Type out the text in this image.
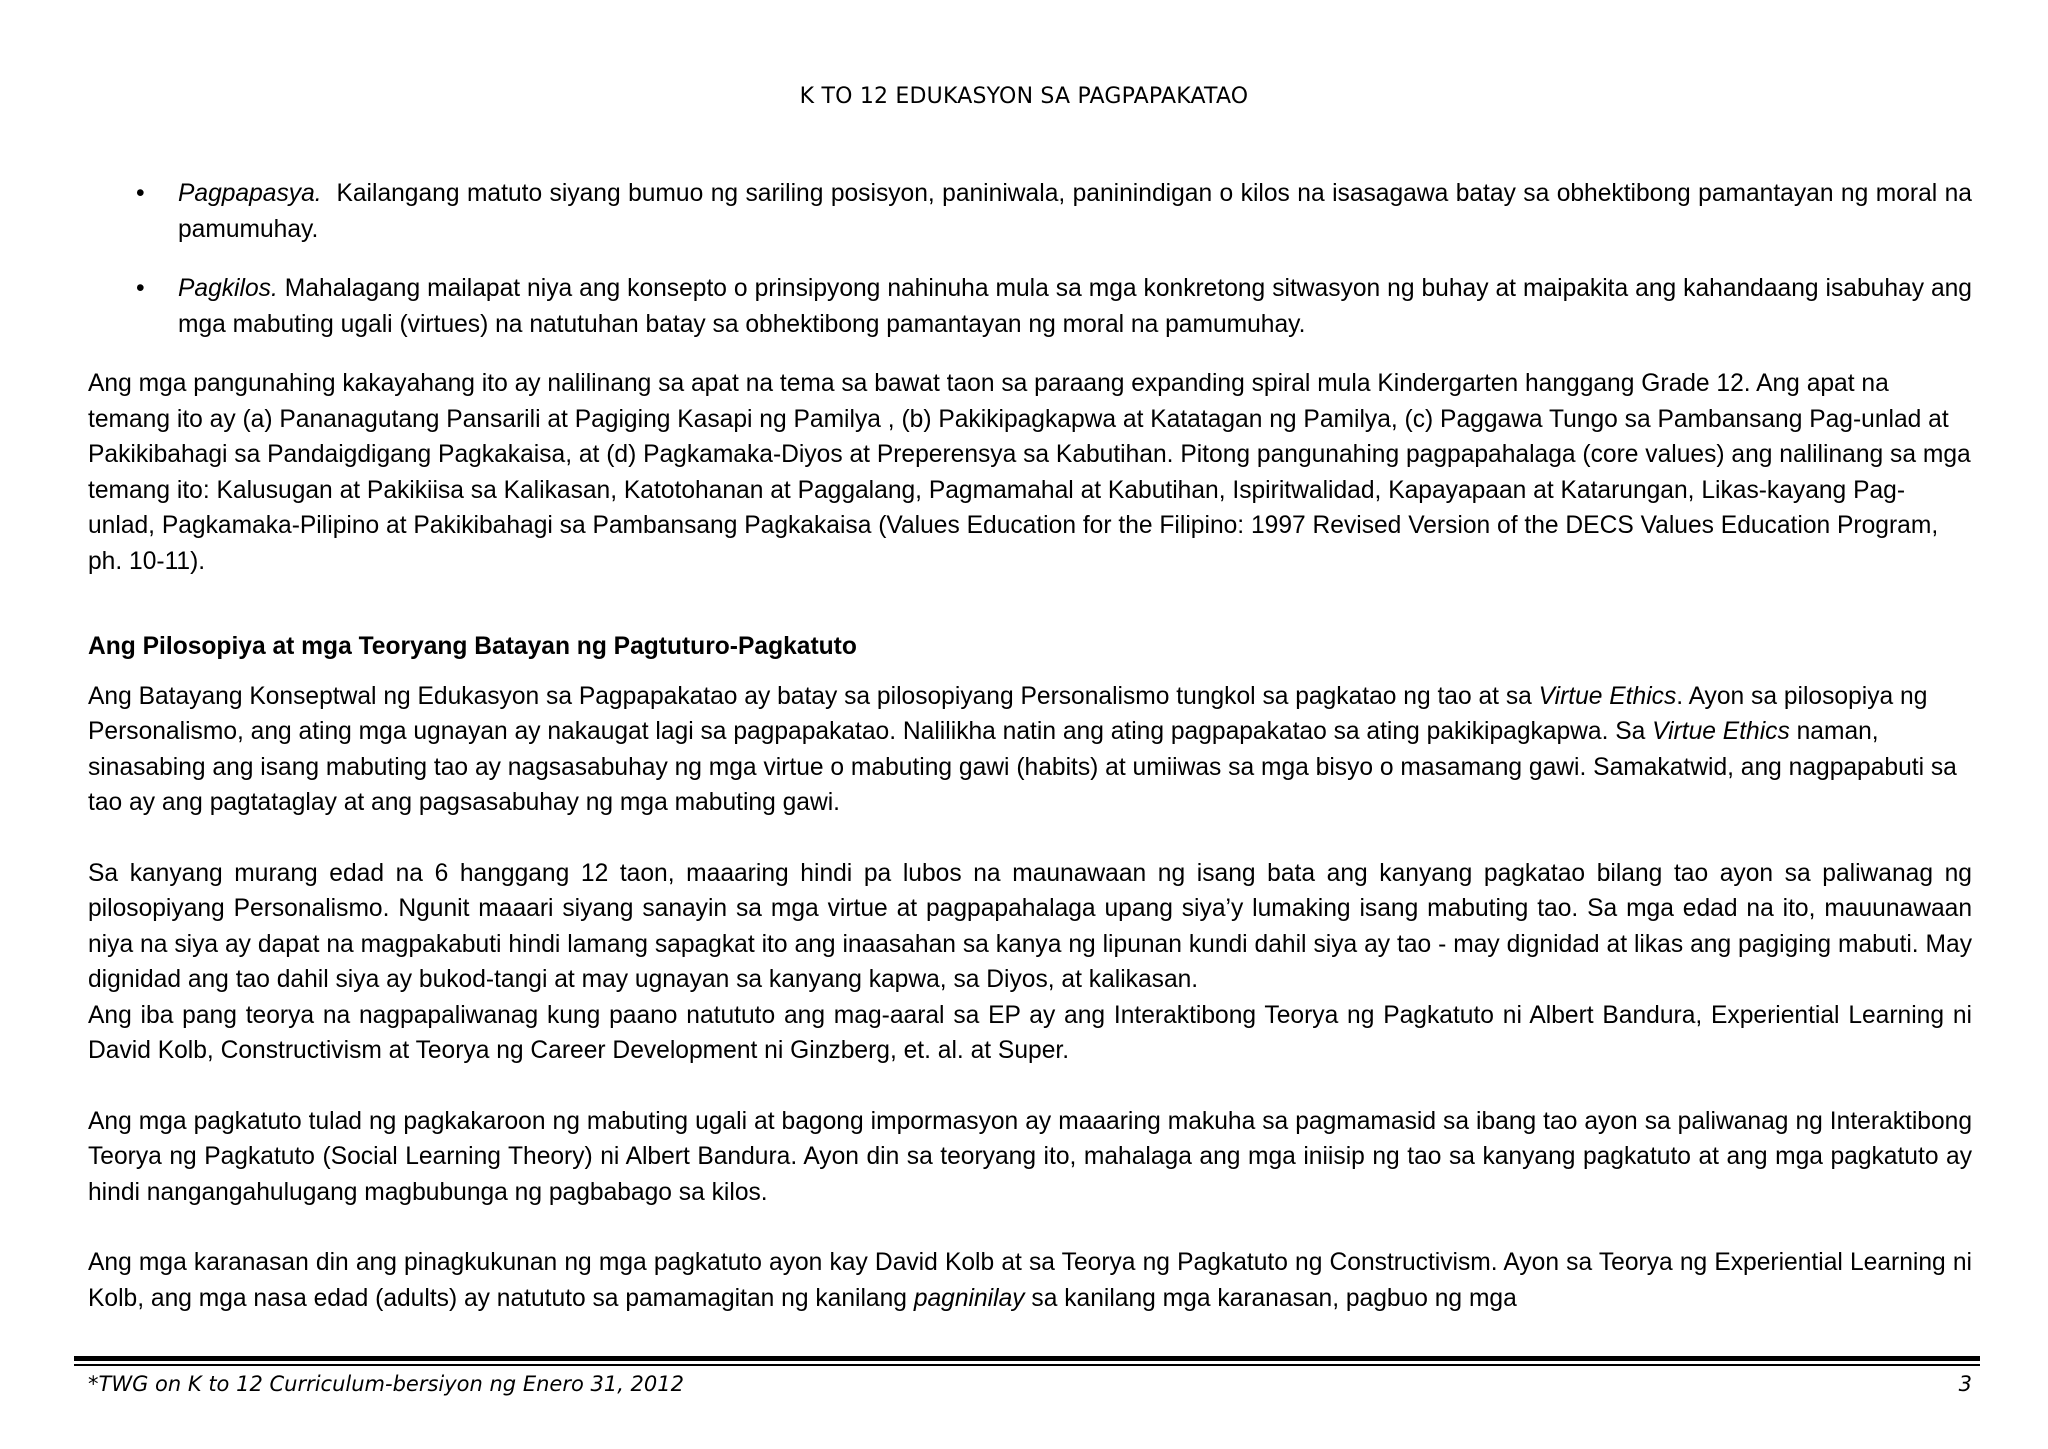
K TO 12 EDUKASYON SA PAGPAPAKATAO
• Pagpapasya. Kailangang matuto siyang bumuo ng sariling posisyon, paniniwala, paninindigan o kilos na isasagawa batay sa obhektibong pamantayan ng moral na pamumuhay.
• Pagkilos. Mahalagang mailapat niya ang konsepto o prinsipyong nahinuha mula sa mga konkretong sitwasyon ng buhay at maipakita ang kahandaang isabuhay ang mga mabuting ugali (virtues) na natutuhan batay sa obhektibong pamantayan ng moral na pamumuhay.

Ang mga pangunahing kakayahang ito ay nalilinang sa apat na tema sa bawat taon sa paraang expanding spiral mula Kindergarten hanggang Grade 12. Ang apat na temang ito ay (a) Pananagutang Pansarili at Pagiging Kasapi ng Pamilya , (b) Pakikipagkapwa at Katatagan ng Pamilya, (c) Paggawa Tungo sa Pambansang Pag-unlad at Pakikibahagi sa Pandaigdigang Pagkakaisa, at (d) Pagkamaka-Diyos at Preperensya sa Kabutihan. Pitong pangunahing pagpapahalaga (core values) ang nalilinang sa mga temang ito: Kalusugan at Pakikiisa sa Kalikasan, Katotohanan at Paggalang, Pagmamahal at Kabutihan, Ispiritwalidad, Kapayapaan at Katarungan, Likas-kayang Pag-unlad, Pagkamaka-Pilipino at Pakikibahagi sa Pambansang Pagkakaisa (Values Education for the Filipino: 1997 Revised Version of the DECS Values Education Program, ph. 10-11).

Ang Pilosopiya at mga Teoryang Batayan ng Pagtuturo-Pagkatuto

Ang Batayang Konseptwal ng Edukasyon sa Pagpapakatao ay batay sa pilosopiyang Personalismo tungkol sa pagkatao ng tao at sa Virtue Ethics. Ayon sa pilosopiya ng Personalismo, ang ating mga ugnayan ay nakaugat lagi sa pagpapakatao. Nalilikha natin ang ating pagpapakatao sa ating pakikipagkapwa. Sa Virtue Ethics naman, sinasabing ang isang mabuting tao ay nagsasabuhay ng mga virtue o mabuting gawi (habits) at umiiwas sa mga bisyo o masamang gawi. Samakatwid, ang nagpapabuti sa tao ay ang pagtataglay at ang pagsasabuhay ng mga mabuting gawi.

Sa kanyang murang edad na 6 hanggang 12 taon, maaaring hindi pa lubos na maunawaan ng isang bata ang kanyang pagkatao bilang tao ayon sa paliwanag ng pilosopiyang Personalismo. Ngunit maaari siyang sanayin sa mga virtue at pagpapahalaga upang siya’y lumaking isang mabuting tao. Sa mga edad na ito, mauunawaan niya na siya ay dapat na magpakabuti hindi lamang sapagkat ito ang inaasahan sa kanya ng lipunan kundi dahil siya ay tao - may dignidad at likas ang pagiging mabuti. May dignidad ang tao dahil siya ay bukod-tangi at may ugnayan sa kanyang kapwa, sa Diyos, at kalikasan.

Ang iba pang teorya na nagpapaliwanag kung paano natututo ang mag-aaral sa EP ay ang Interaktibong Teorya ng Pagkatuto ni Albert Bandura, Experiential Learning ni David Kolb, Constructivism at Teorya ng Career Development ni Ginzberg, et. al. at Super.

Ang mga pagkatuto tulad ng pagkakaroon ng mabuting ugali at bagong impormasyon ay maaaring makuha sa pagmamasid sa ibang tao ayon sa paliwanag ng Interaktibong Teorya ng Pagkatuto (Social Learning Theory) ni Albert Bandura. Ayon din sa teoryang ito, mahalaga ang mga iniisip ng tao sa kanyang pagkatuto at ang mga pagkatuto ay hindi nangangahulugang magbubunga ng pagbabago sa kilos.

Ang mga karanasan din ang pinagkukunan ng mga pagkatuto ayon kay David Kolb at sa Teorya ng Pagkatuto ng Constructivism. Ayon sa Teorya ng Experiential Learning ni Kolb, ang mga nasa edad (adults) ay natututo sa pamamagitan ng kanilang pagninilay sa kanilang mga karanasan, pagbuo ng mga

*TWG on K to 12 Curriculum-bersiyon ng Enero 31, 2012	3
